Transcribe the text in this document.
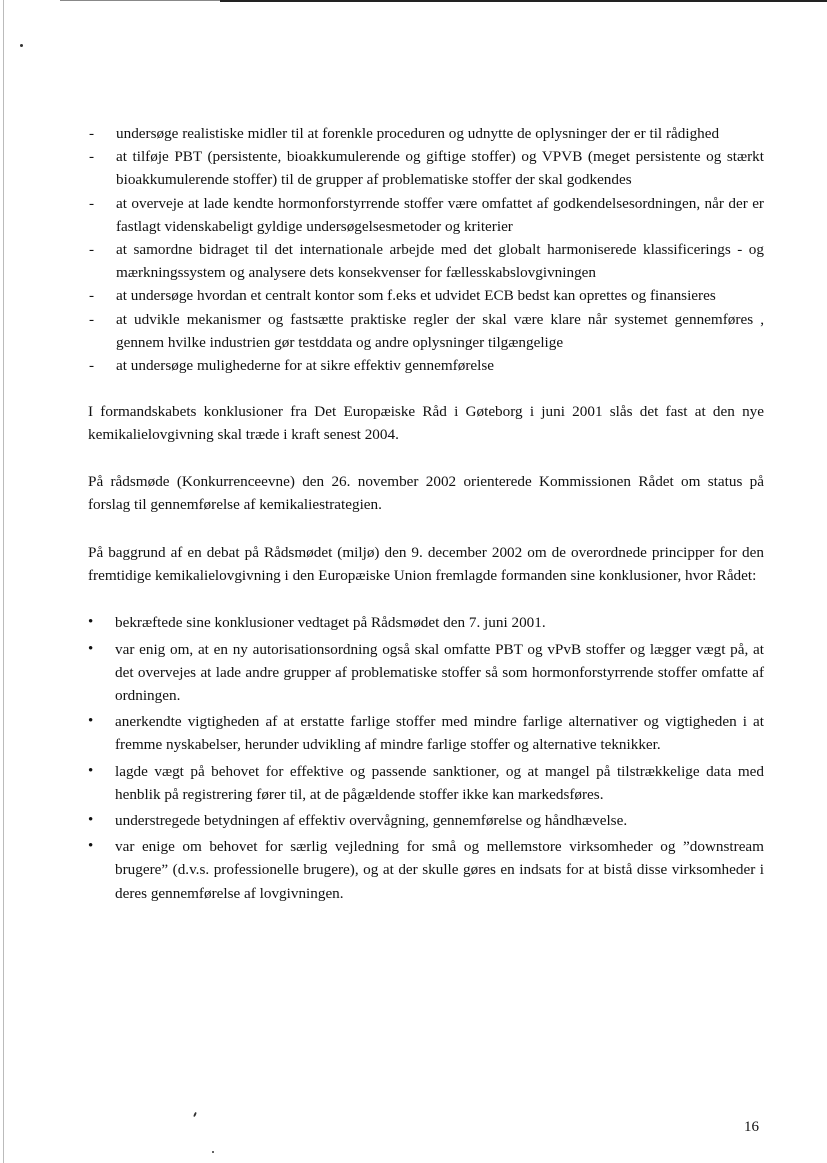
- undersøge realistiske midler til at forenkle proceduren og udnytte de oplysninger der er til rådighed
- at tilføje PBT (persistente, bioakkumulerende og giftige stoffer) og VPVB (meget persistente og stærkt bioakkumulerende stoffer) til de grupper af problematiske stoffer der skal godkendes
- at overveje at lade kendte hormonforstyrrende stoffer være omfattet af godkendelsesordningen, når der er fastlagt videnskabeligt gyldige undersøgelsesmetoder og kriterier
- at samordne bidraget til det internationale arbejde med det globalt harmoniserede klassificerings - og mærkningssystem og analysere dets konsekvenser for fællesskabslovgivningen
- at undersøge hvordan et centralt kontor som f.eks et udvidet ECB bedst kan oprettes og finansieres
- at udvikle mekanismer og fastsætte praktiske regler der skal være klare når systemet gennemføres , gennem hvilke industrien gør testddata og andre oplysninger tilgængelige
- at undersøge mulighederne for at sikre effektiv gennemførelse

I formandskabets konklusioner fra Det Europæiske Råd i Gøteborg i juni 2001 slås det fast at den nye kemikalielovgivning skal træde i kraft senest 2004.

På rådsmøde (Konkurrenceevne) den 26. november 2002 orienterede Kommissionen Rådet om status på forslag til gennemførelse af kemikaliestrategien.

På baggrund af en debat på Rådsmødet (miljø) den 9. december 2002 om de overordnede principper for den fremtidige kemikalielovgivning i den Europæiske Union fremlagde formanden sine konklusioner, hvor Rådet:

• bekræftede sine konklusioner vedtaget på Rådsmødet den 7. juni 2001.
• var enig om, at en ny autorisationsordning også skal omfatte PBT og vPvB stoffer og lægger vægt på, at det overvejes at lade andre grupper af problematiske stoffer så som hormonforstyrrende stoffer omfatte af ordningen.
• anerkendte vigtigheden af at erstatte farlige stoffer med mindre farlige alternativer og vigtigheden i at fremme nyskabelser, herunder udvikling af mindre farlige stoffer og alternative teknikker.
• lagde vægt på behovet for effektive og passende sanktioner, og at mangel på tilstrækkelige data med henblik på registrering fører til, at de pågældende stoffer ikke kan markedsføres.
• understregede betydningen af effektiv overvågning, gennemførelse og håndhævelse.
• var enige om behovet for særlig vejledning for små og mellemstore virksomheder og ”downstream brugere” (d.v.s. professionelle brugere), og at der skulle gøres en indsats for at bistå disse virksomheder i deres gennemførelse af lovgivningen.
16
